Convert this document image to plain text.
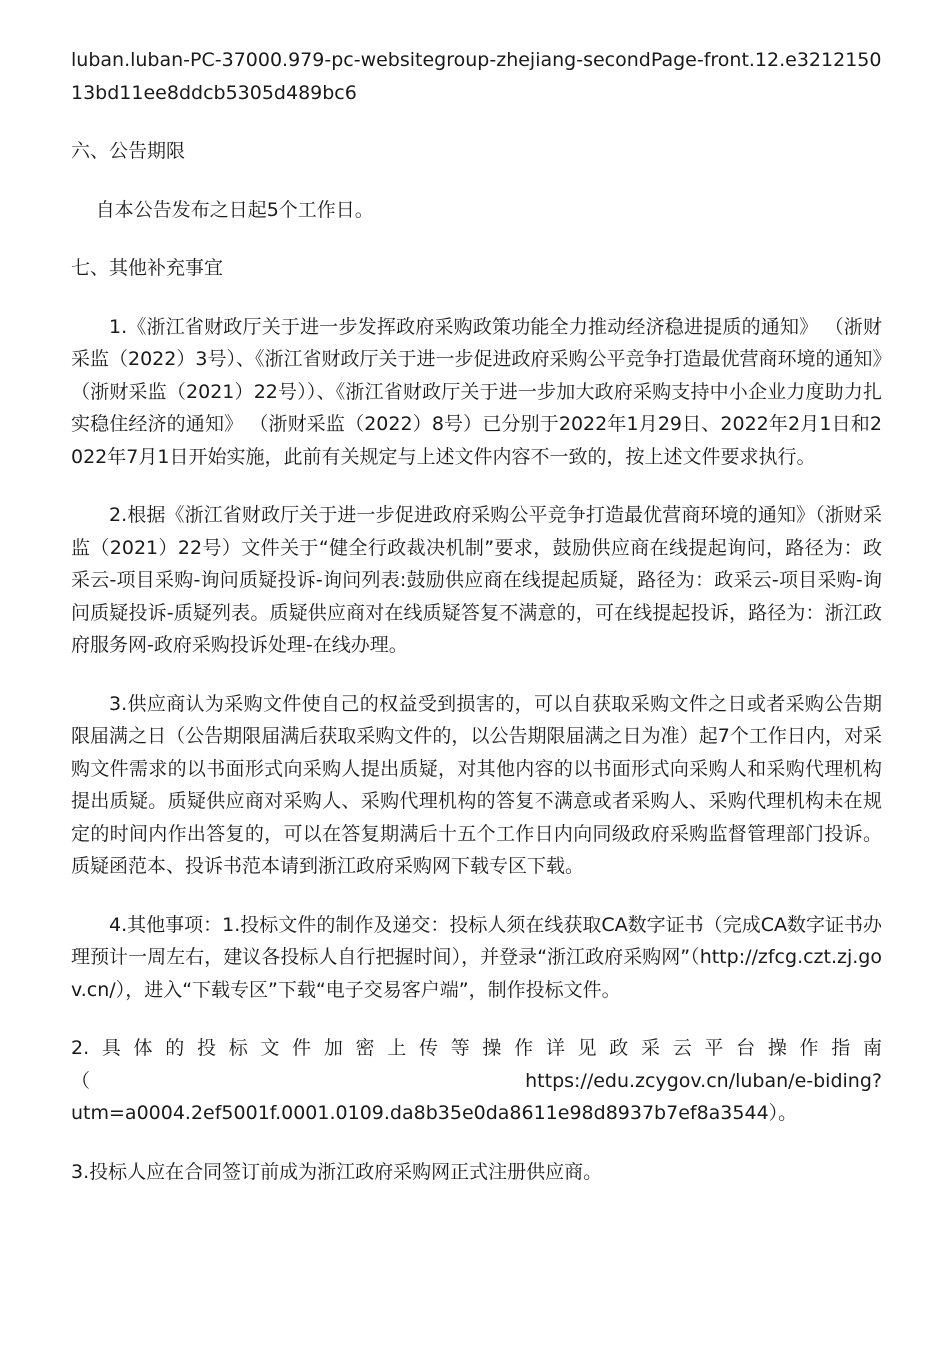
luban.luban-PC-37000.979-pc-websitegroup-zhejiang-secondPage-front.12.e321215013bd11ee8ddcb5305d489bc6
六、公告期限
自本公告发布之日起5个工作日。
七、其他补充事宜
1.《浙江省财政厅关于进一步发挥政府采购政策功能全力推动经济稳进提质的通知》 （浙财采监（2022）3号）、《浙江省财政厅关于进一步促进政府采购公平竞争打造最优营商环境的通知》（浙财采监（2021）22号））、《浙江省财政厅关于进一步加大政府采购支持中小企业力度助力扎实稳住经济的通知》 （浙财采监（2022）8号）已分别于2022年1月29日、2022年2月1日和2022年7月1日开始实施，此前有关规定与上述文件内容不一致的，按上述文件要求执行。
2.根据《浙江省财政厅关于进一步促进政府采购公平竞争打造最优营商环境的通知》（浙财采监（2021）22号）文件关于“健全行政裁决机制”要求，鼓励供应商在线提起询问，路径为：政采云-项目采购-询问质疑投诉-询问列表:鼓励供应商在线提起质疑，路径为：政采云-项目采购-询问质疑投诉-质疑列表。质疑供应商对在线质疑答复不满意的，可在线提起投诉，路径为：浙江政府服务网-政府采购投诉处理-在线办理。
3.供应商认为采购文件使自己的权益受到损害的，可以自获取采购文件之日或者采购公告期限届满之日（公告期限届满后获取采购文件的，以公告期限届满之日为准）起7个工作日内，对采购文件需求的以书面形式向采购人提出质疑，对其他内容的以书面形式向采购人和采购代理机构提出质疑。质疑供应商对采购人、采购代理机构的答复不满意或者采购人、采购代理机构未在规定的时间内作出答复的，可以在答复期满后十五个工作日内向同级政府采购监督管理部门投诉。质疑函范本、投诉书范本请到浙江政府采购网下载专区下载。
4.其他事项：1.投标文件的制作及递交：投标人须在线获取CA数字证书（完成CA数字证书办理预计一周左右，建议各投标人自行把握时间），并登录“浙江政府采购网”（http://zfcg.czt.zj.gov.cn/），进入“下载专区”下载“电子交易客户端”，制作投标文件。
2.具体的投标文件加密上传等操作详见政采云平台操作指南
（	https://edu.zcygov.cn/luban/e-biding?
utm=a0004.2ef5001f.0001.0109.da8b35e0da8611e98d8937b7ef8a3544）。
3.投标人应在合同签订前成为浙江政府采购网正式注册供应商。
